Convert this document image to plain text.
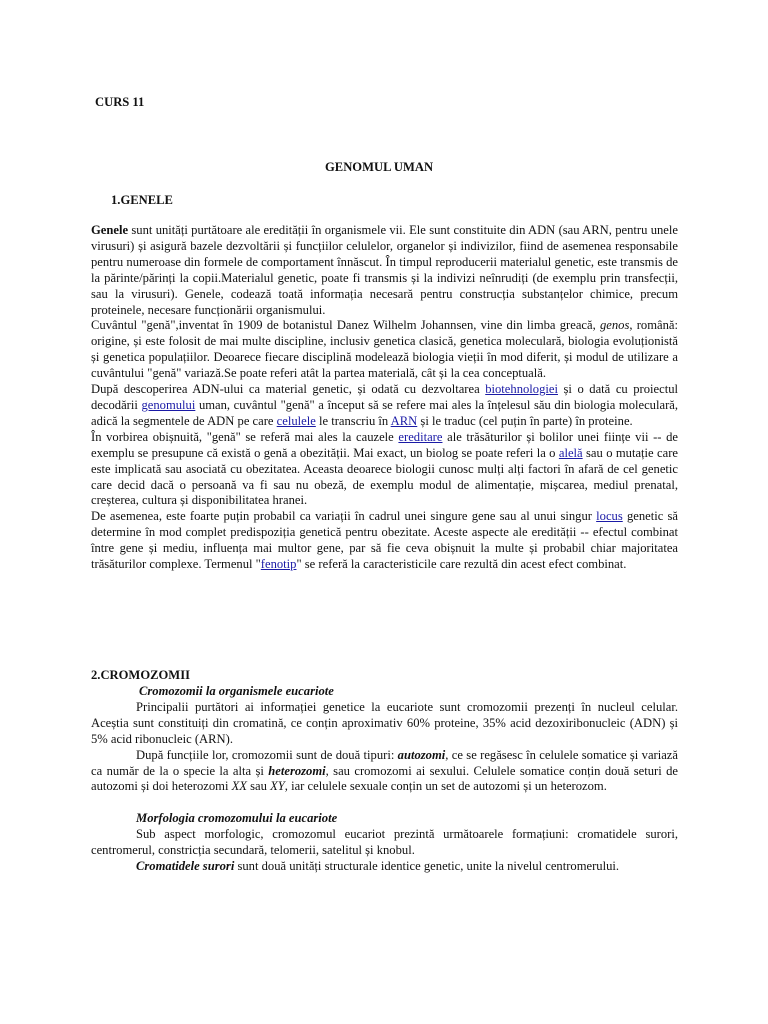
CURS 11
GENOMUL UMAN
1.GENELE

Genele sunt unități purtătoare ale eredității în organismele vii. Ele sunt constituite din ADN (sau ARN, pentru unele virusuri) și asigură bazele dezvoltării și funcțiilor celulelor, organelor și indivizilor, fiind de asemenea responsabile pentru numeroase din formele de comportament înnăscut. În timpul reproducerii materialul genetic, este transmis de la părinte/părinți la copii.Materialul genetic, poate fi transmis și la indivizi neînrudiți (de exemplu prin transfecții, sau la virusuri). Genele, codează toată informația necesară pentru construcția substanțelor chimice, precum proteinele, necesare funcționării organismului.

Cuvântul "genă",inventat în 1909 de botanistul Danez Wilhelm Johannsen, vine din limba greacă, genos, română: origine, și este folosit de mai multe discipline, inclusiv genetica clasică, genetica moleculară, biologia evoluționistă și genetica populațiilor. Deoarece fiecare disciplină modelează biologia vieții în mod diferit, și modul de utilizare a cuvântului "genă" variază.Se poate referi atât la partea materială, cât și la cea conceptuală.

După descoperirea ADN-ului ca material genetic, și odată cu dezvoltarea biotehnologiei și o dată cu proiectul decodării genomului uman, cuvântul "genă" a început să se refere mai ales la înțelesul său din biologia moleculară, adică la segmentele de ADN pe care celulele le transcriu în ARN și le traduc (cel puțin în parte) în proteine.

În vorbirea obișnuită, "genă" se referă mai ales la cauzele ereditare ale trăsăturilor și bolilor unei ființe vii -- de exemplu se presupune că există o genă a obezității. Mai exact, un biolog se poate referi la o alelă sau o mutație care este implicată sau asociată cu obezitatea. Aceasta deoarece biologii cunosc mulți alți factori în afară de cel genetic care decid dacă o persoană va fi sau nu obeză, de exemplu modul de alimentație, mișcarea, mediul prenatal, creșterea, cultura și disponibilitatea hranei.

De asemenea, este foarte puțin probabil ca variații în cadrul unei singure gene sau al unui singur locus genetic să determine în mod complet predispoziția genetică pentru obezitate. Aceste aspecte ale eredității -- efectul combinat între gene și mediu, influența mai multor gene, par să fie ceva obișnuit la multe și probabil chiar majoritatea trăsăturilor complexe. Termenul "fenotip" se referă la caracteristicile care rezultă din acest efect combinat.

2.CROMOZOMII
Cromozomii la organismele eucariote

Principalii purtători ai informației genetice la eucariote sunt cromozomii prezenți în nucleul celular. Aceștia sunt constituiți din cromatină, ce conțin aproximativ 60% proteine, 35% acid dezoxiribonucleic (ADN) și 5% acid ribonucleic (ARN).

După funcțiile lor, cromozomii sunt de două tipuri: autozomi, ce se regăsesc în celulele somatice și variază ca număr de la o specie la alta și heterozomi, sau cromozomi ai sexului. Celulele somatice conțin două seturi de autozomi și doi heterozomi XX sau XY, iar celulele sexuale conțin un set de autozomi și un heterozom.

Morfologia cromozomului la eucariote

Sub aspect morfologic, cromozomul eucariot prezintă următoarele formațiuni: cromatidele surori, centromerul, constricția secundară, telomerii, satelitul și knobul.

Cromatidele surori sunt două unități structurale identice genetic, unite la nivelul centromerului.
